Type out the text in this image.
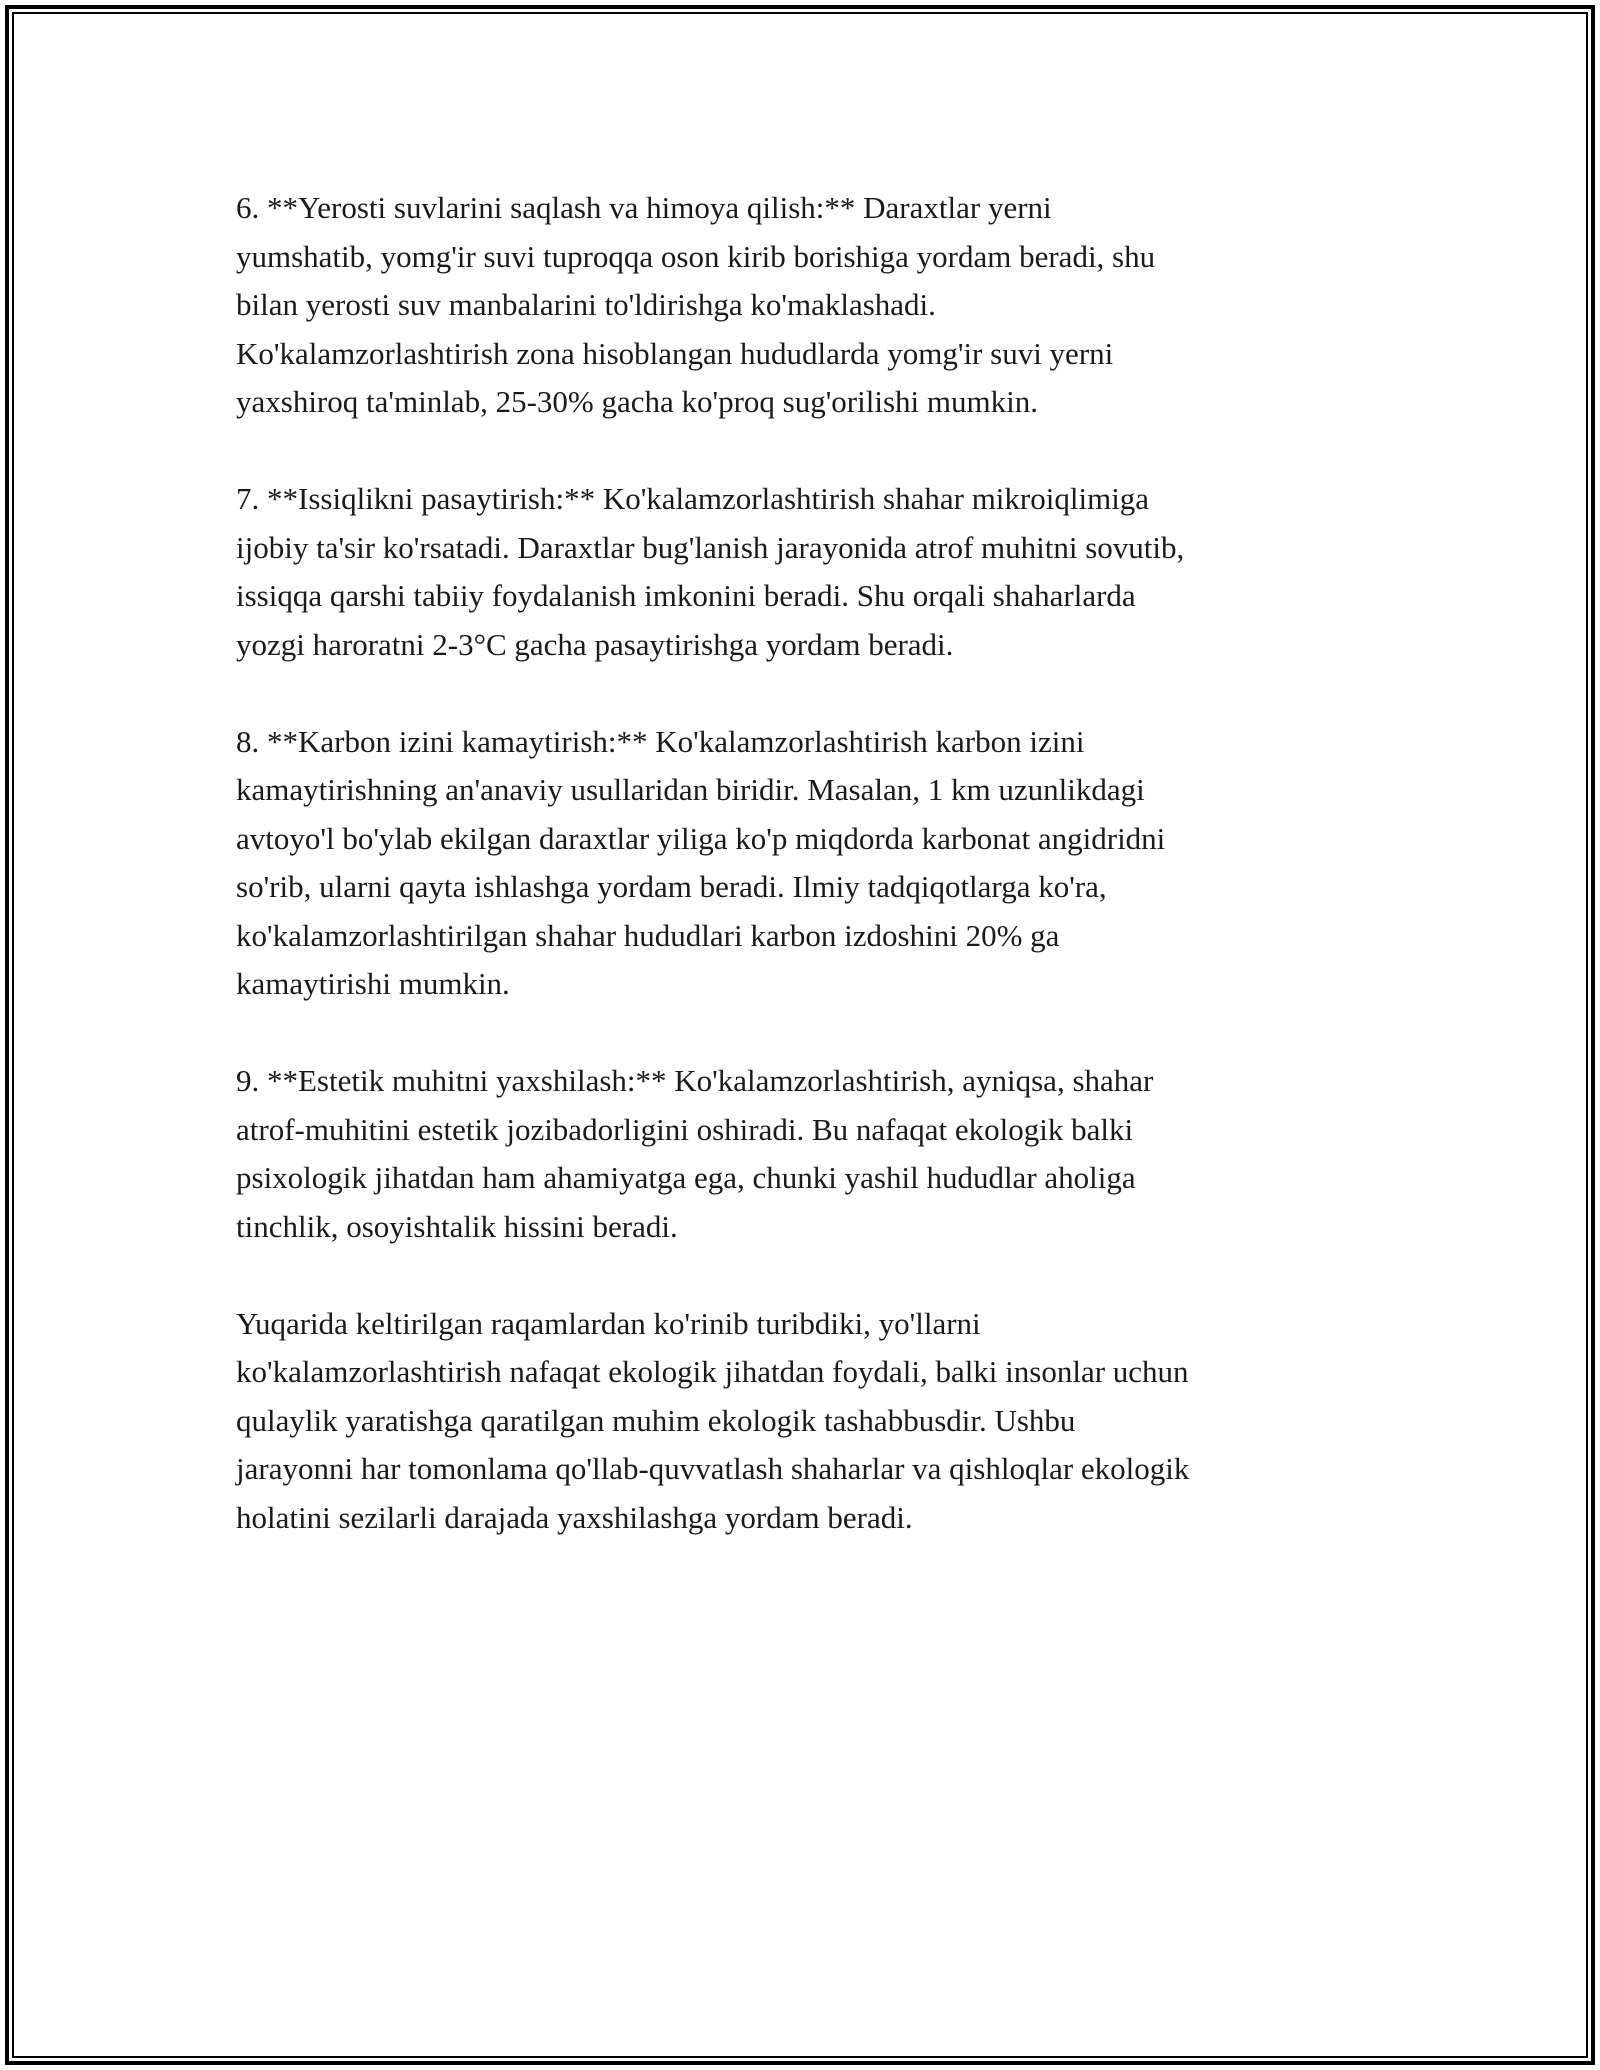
6. **Yerosti suvlarini saqlash va himoya qilish:** Daraxtlar yerni
yumshatib, yomg'ir suvi tuproqqa oson kirib borishiga yordam beradi, shu
bilan yerosti suv manbalarini to'ldirishga ko'maklashadi.
Ko'kalamzorlashtirish zona hisoblangan hududlarda yomg'ir suvi yerni
yaxshiroq ta'minlab, 25-30% gacha ko'proq sug'orilishi mumkin.

7. **Issiqlikni pasaytirish:** Ko'kalamzorlashtirish shahar mikroiqlimiga
ijobiy ta'sir ko'rsatadi. Daraxtlar bug'lanish jarayonida atrof muhitni sovutib,
issiqqa qarshi tabiiy foydalanish imkonini beradi. Shu orqali shaharlarda
yozgi haroratni 2-3°C gacha pasaytirishga yordam beradi.

8. **Karbon izini kamaytirish:** Ko'kalamzorlashtirish karbon izini
kamaytirishning an'anaviy usullaridan biridir. Masalan, 1 km uzunlikdagi
avtoyo'l bo'ylab ekilgan daraxtlar yiliga ko'p miqdorda karbonat angidridni
so'rib, ularni qayta ishlashga yordam beradi. Ilmiy tadqiqotlarga ko'ra,
ko'kalamzorlashtirilgan shahar hududlari karbon izdoshini 20% ga
kamaytirishi mumkin.

9. **Estetik muhitni yaxshilash:** Ko'kalamzorlashtirish, ayniqsa, shahar
atrof-muhitini estetik jozibadorligini oshiradi. Bu nafaqat ekologik balki
psixologik jihatdan ham ahamiyatga ega, chunki yashil hududlar aholiga
tinchlik, osoyishtalik hissini beradi.

Yuqarida keltirilgan raqamlardan ko'rinib turibdiki, yo'llarni
ko'kalamzorlashtirish nafaqat ekologik jihatdan foydali, balki insonlar uchun
qulaylik yaratishga qaratilgan muhim ekologik tashabbusdir. Ushbu
jarayonni har tomonlama qo'llab-quvvatlash shaharlar va qishloqlar ekologik
holatini sezilarli darajada yaxshilashga yordam beradi.
